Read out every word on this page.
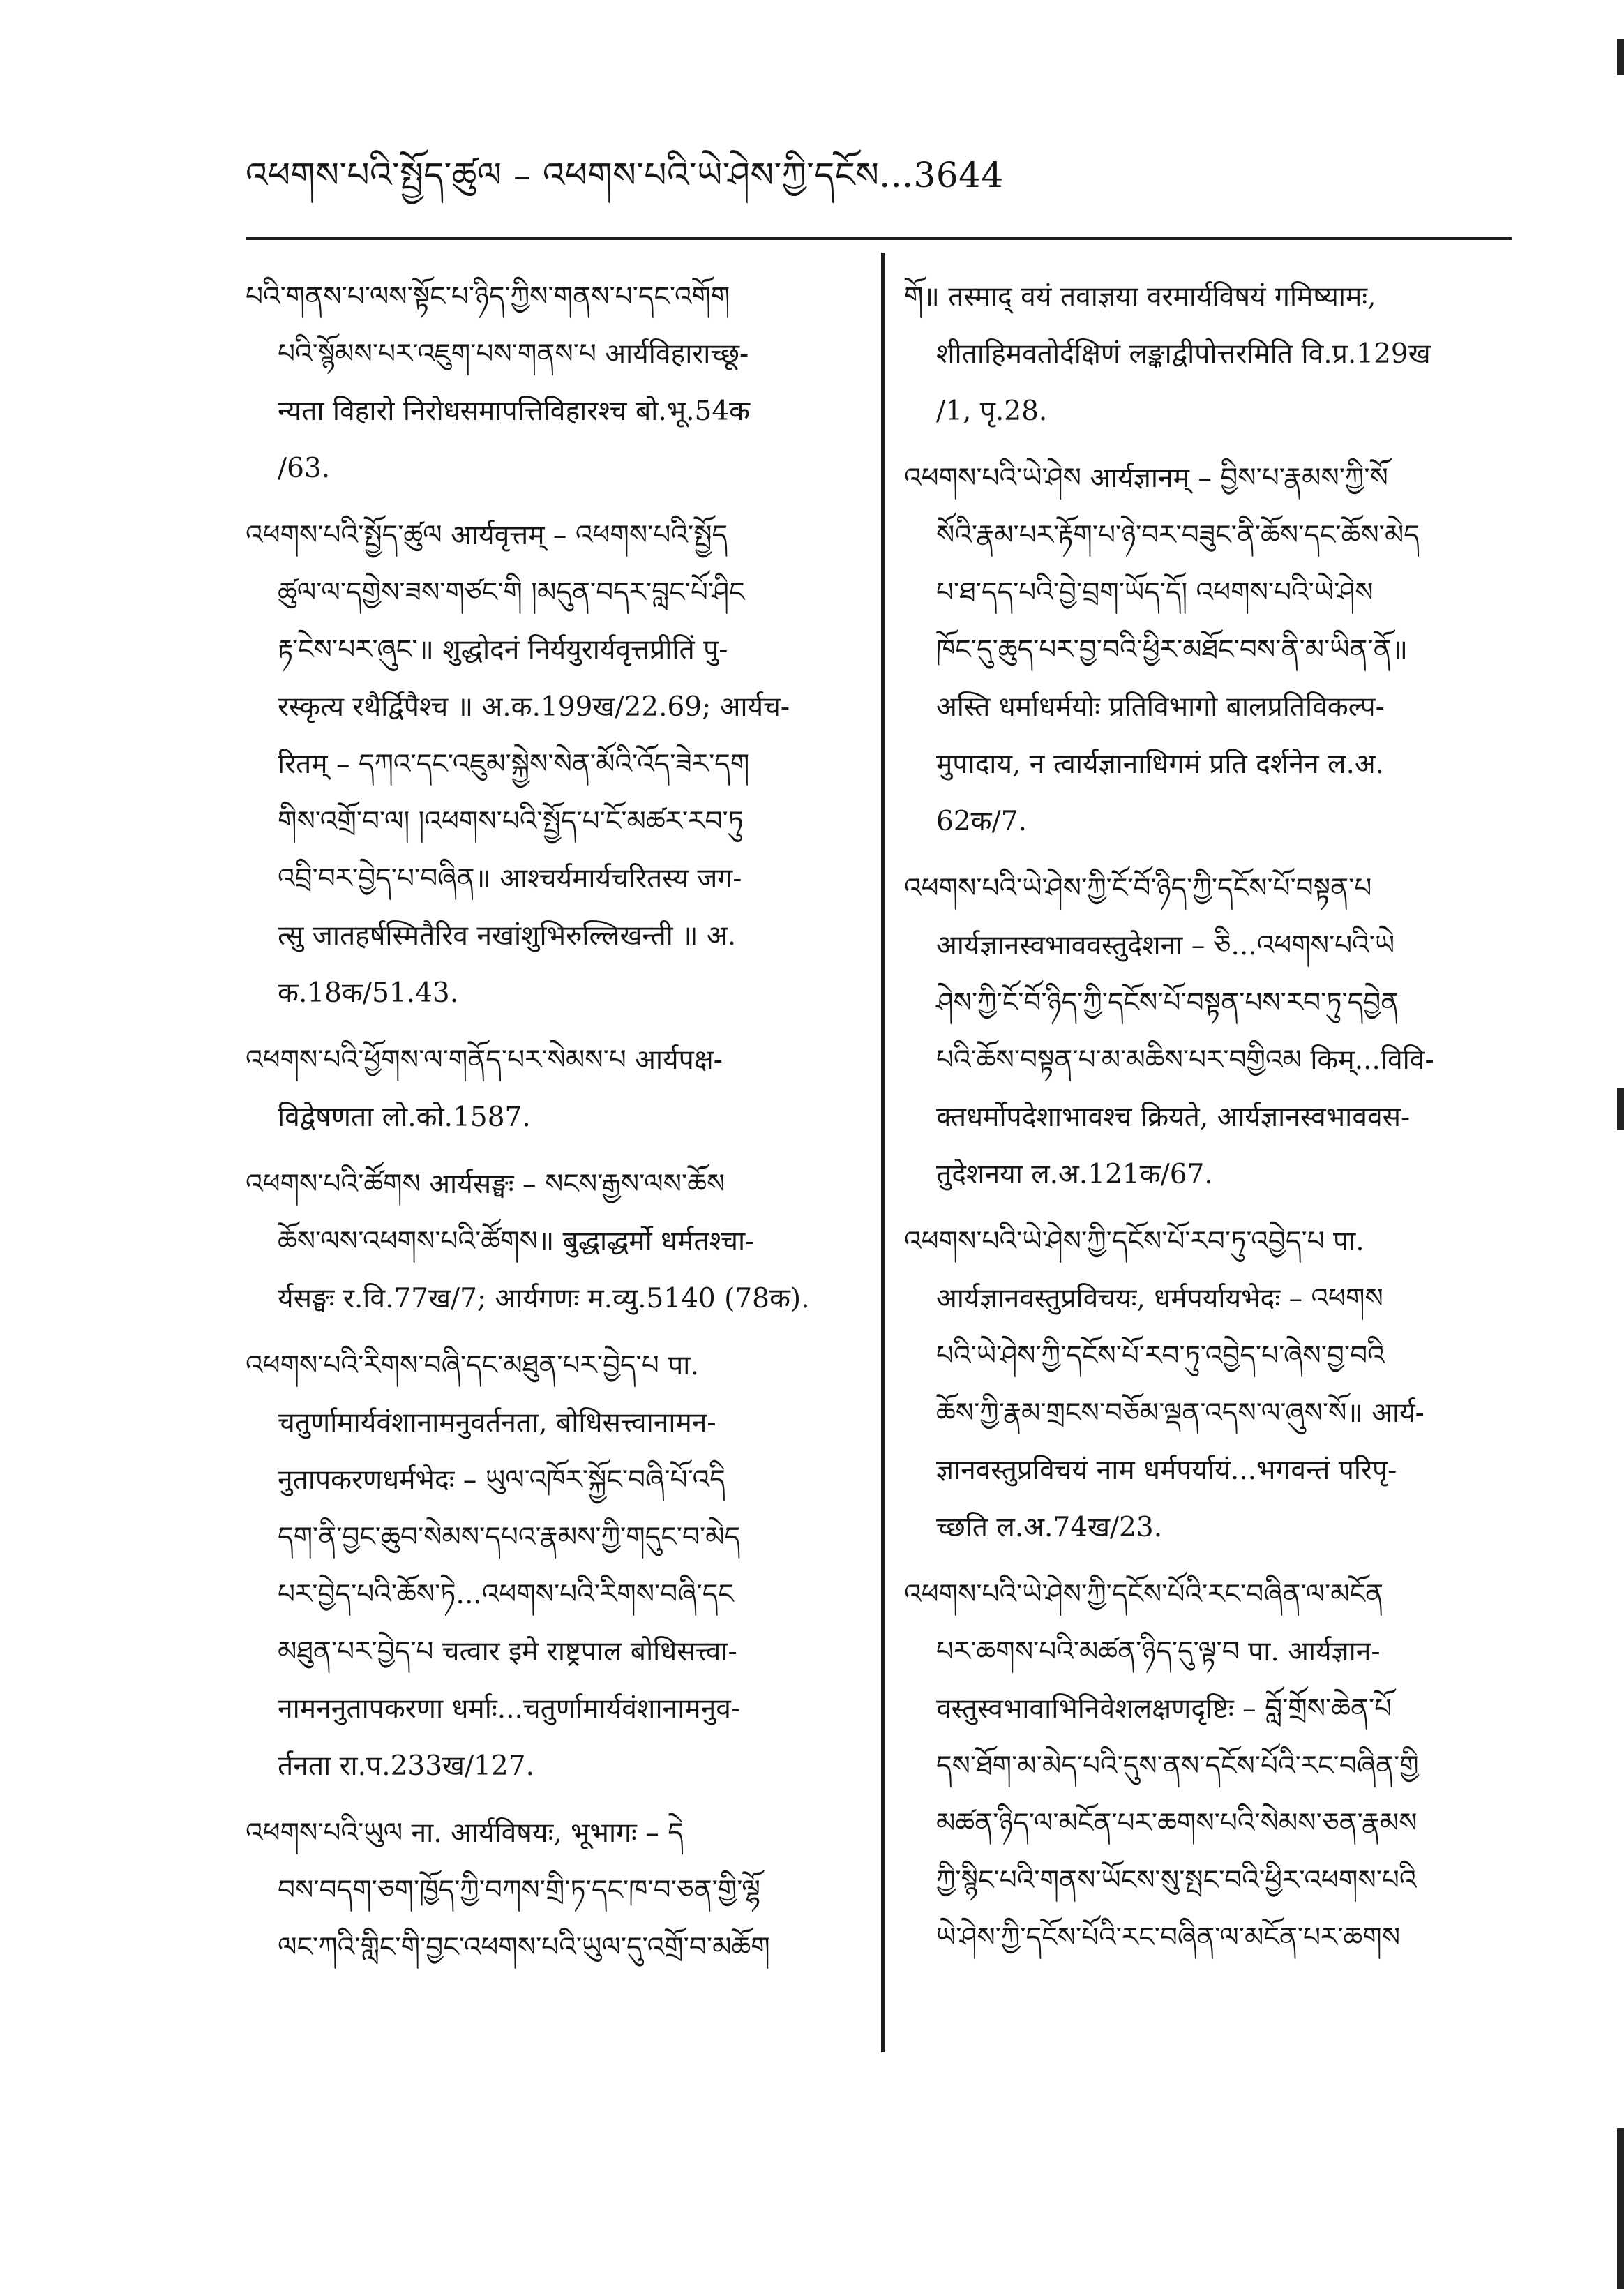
འཕགས་པའི་སྤྱོད་ཚུལ – འཕགས་པའི་ཡེ་ཤེས་ཀྱི་དངོས...3644
པའི་གནས་པ་ལས་སྟོང་པ་ཉིད་ཀྱིས་གནས་པ་དང་འགོག
པའི་སྙོམས་པར་འཇུག་པས་གནས་པ आर्यविहाराच्छू-
न्यता विहारो निरोधसमापत्तिविहारश्च बो.भू.54क
/63.
འཕགས་པའི་སྤྱོད་ཚུལ आर्यवृत्तम् – འཕགས་པའི་སྤྱོད
ཚུལ་ལ་དགྱེས་ཟས་གཙང་གི །མདུན་བདར་བླང་པོ་ཤིང
རྟ་ངེས་པར་ཞུང་॥ शुद्धोदनं निर्ययुरार्यवृत्तप्रीतिं पु-
रस्कृत्य रथैर्द्विपैश्च ॥ अ.क.199ख/22.69; आर्यच-
रितम् – དཀའ་དང་འཇུམ་སྐྱེས་སེན་མོའི་འོད་ཟེར་དག
གིས་འགྲོ་བ་ལ། །འཕགས་པའི་སྤྱོད་པ་ངོ་མཚར་རབ་ཏུ
འབྲི་བར་བྱེད་པ་བཞིན॥ आश्चर्यमार्यचरितस्य जग-
त्सु जातहर्षस्मितैरिव नखांशुभिरुल्लिखन्ती ॥ अ.
क.18क/51.43.
འཕགས་པའི་ཕྱོགས་ལ་གནོད་པར་སེམས་པ आर्यपक्ष-
विद्वेषणता लो.को.1587.
འཕགས་པའི་ཚོགས आर्यसङ्घः – སངས་རྒྱས་ལས་ཆོས
ཆོས་ལས་འཕགས་པའི་ཚོགས॥ बुद्धाद्धर्मो धर्मतश्चा-
र्यसङ्घः र.वि.77ख/7; आर्यगणः म.व्यु.5140 (78क).
འཕགས་པའི་རིགས་བཞི་དང་མཐུན་པར་བྱེད་པ पा.
चतुर्णामार्यवंशानामनुवर्तनता, बोधिसत्त्वानामन-
नुतापकरणधर्मभेदः – ཡུལ་འཁོར་སྐྱོང་བཞི་པོ་འདི
དག་ནི་བྱང་ཆུབ་སེམས་དཔའ་རྣམས་ཀྱི་གདུང་བ་མེད
པར་བྱེད་པའི་ཆོས་ཏེ...འཕགས་པའི་རིགས་བཞི་དང
མཐུན་པར་བྱེད་པ चत्वार इमे राष्ट्रपाल बोधिसत्त्वा-
नामननुतापकरणा धर्माः...चतुर्णामार्यवंशानामनुव-
र्तनता रा.प.233ख/127.
འཕགས་པའི་ཡུལ ना. आर्यविषयः, भूभागः – དེ
བས་བདག་ཅག་ཁྱོད་ཀྱི་བཀས་གྲི་ཏ་དང་ཁ་བ་ཅན་གྱི་ལྷོ
ལང་ཀའི་གླིང་གི་བྱང་འཕགས་པའི་ཡུལ་དུ་འགྲོ་བ་མཆོག
གོ॥ तस्माद् वयं तवाज्ञया वरमार्यविषयं गमिष्यामः,
शीताहिमवतोर्दक्षिणं लङ्काद्वीपोत्तरमिति वि.प्र.129ख
/1, पृ.28.
འཕགས་པའི་ཡེ་ཤེས आर्यज्ञानम् – བྱིས་པ་རྣམས་ཀྱི་སོ
སོའི་རྣམ་པར་རྟོག་པ་ཉེ་བར་བཟུང་ནི་ཆོས་དང་ཆོས་མེད
པ་ཐ་དད་པའི་བྱེ་བྲག་ཡོད་དོ། འཕགས་པའི་ཡེ་ཤེས
ཁོང་དུ་ཆུད་པར་བྱ་བའི་ཕྱིར་མཐོང་བས་ནི་མ་ཡིན་ནོ॥
अस्ति धर्माधर्मयोः प्रतिविभागो बालप्रतिविकल्प-
मुपादाय, न त्वार्यज्ञानाधिगमं प्रति दर्शनेन ल.अ.
62क/7.
འཕགས་པའི་ཡེ་ཤེས་ཀྱི་ངོ་བོ་ཉིད་ཀྱི་དངོས་པོ་བསྟན་པ
आर्यज्ञानस्वभाववस्तुदेशना – ཅི...འཕགས་པའི་ཡེ
ཤེས་ཀྱི་ངོ་བོ་ཉིད་ཀྱི་དངོས་པོ་བསྟན་པས་རབ་ཏུ་དབྱེན
པའི་ཆོས་བསྟན་པ་མ་མཆིས་པར་བགྱིའམ किम्...विवि-
क्तधर्मोपदेशाभावश्च क्रियते, आर्यज्ञानस्वभाववस-
तुदेशनया ल.अ.121क/67.
འཕགས་པའི་ཡེ་ཤེས་ཀྱི་དངོས་པོ་རབ་ཏུ་འབྱེད་པ पा.
आर्यज्ञानवस्तुप्रविचयः, धर्मपर्यायभेदः – འཕགས
པའི་ཡེ་ཤེས་ཀྱི་དངོས་པོ་རབ་ཏུ་འབྱེད་པ་ཞེས་བྱ་བའི
ཆོས་ཀྱི་རྣམ་གྲངས་བཅོམ་ལྡན་འདས་ལ་ཞུས་སོ॥ आर्य-
ज्ञानवस्तुप्रविचयं नाम धर्मपर्यायं...भगवन्तं परिपृ-
च्छति ल.अ.74ख/23.
འཕགས་པའི་ཡེ་ཤེས་ཀྱི་དངོས་པོའི་རང་བཞིན་ལ་མངོན
པར་ཆགས་པའི་མཚན་ཉིད་དུ་ལྟ་བ पा. आर्यज्ञान-
वस्तुस्वभावाभिनिवेशलक्षणदृष्टिः – བློ་གྲོས་ཆེན་པོ
དས་ཐོག་མ་མེད་པའི་དུས་ནས་དངོས་པོའི་རང་བཞིན་གྱི
མཚན་ཉིད་ལ་མངོན་པར་ཆགས་པའི་སེམས་ཅན་རྣམས
ཀྱི་སྙིང་པའི་གནས་ཡོངས་སུ་སྤང་བའི་ཕྱིར་འཕགས་པའི
ཡེ་ཤེས་ཀྱི་དངོས་པོའི་རང་བཞིན་ལ་མངོན་པར་ཆགས
